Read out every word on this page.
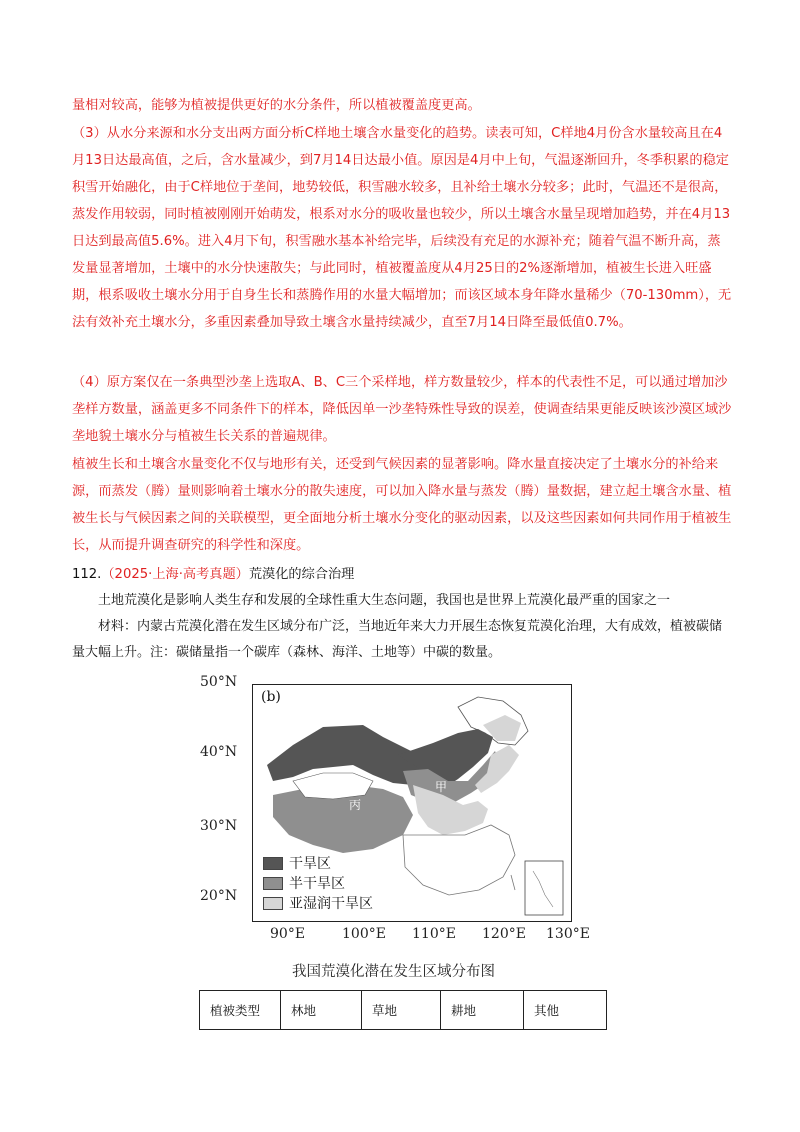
量相对较高，能够为植被提供更好的水分条件，所以植被覆盖度更高。
（3）从水分来源和水分支出两方面分析C样地土壤含水量变化的趋势。读表可知，C样地4月份含水量较高且在4月13日达最高值，之后，含水量减少，到7月14日达最小值。原因是4月中上旬，气温逐渐回升，冬季积累的稳定积雪开始融化，由于C样地位于垄间，地势较低，积雪融水较多，且补给土壤水分较多；此时，气温还不是很高，蒸发作用较弱，同时植被刚刚开始萌发，根系对水分的吸收量也较少，所以土壤含水量呈现增加趋势，并在4月13日达到最高值5.6%。进入4月下旬，积雪融水基本补给完毕，后续没有充足的水源补充；随着气温不断升高，蒸发量显著增加，土壤中的水分快速散失；与此同时，植被覆盖度从4月25日的2%逐渐增加，植被生长进入旺盛期，根系吸收土壤水分用于自身生长和蒸腾作用的水量大幅增加；而该区域本身年降水量稀少（70-130mm），无法有效补充土壤水分，多重因素叠加导致土壤含水量持续减少，直至7月14日降至最低值0.7%。
（4）原方案仅在一条典型沙垄上选取A、B、C三个采样地，样方数量较少，样本的代表性不足，可以通过增加沙垄样方数量，涵盖更多不同条件下的样本，降低因单一沙垄特殊性导致的误差，使调查结果更能反映该沙漠区域沙垄地貌土壤水分与植被生长关系的普遍规律。
植被生长和土壤含水量变化不仅与地形有关，还受到气候因素的显著影响。降水量直接决定了土壤水分的补给来源，而蒸发（腾）量则影响着土壤水分的散失速度，可以加入降水量与蒸发（腾）量数据，建立起土壤含水量、植被生长与气候因素之间的关联模型，更全面地分析土壤水分变化的驱动因素，以及这些因素如何共同作用于植被生长，从而提升调查研究的科学性和深度。
112.（2025·上海·高考真题）荒漠化的综合治理
土地荒漠化是影响人类生存和发展的全球性重大生态问题，我国也是世界上荒漠化最严重的国家之一
材料：内蒙古荒漠化潜在发生区域分布广泛，当地近年来大力开展生态恢复荒漠化治理，大有成效，植被碳储量大幅上升。注：碳储量指一个碳库（森林、海洋、土地等）中碳的数量。
50°N
40°N
30°N
20°N
丙
甲
(b)
干旱区
半干旱区
亚湿润干旱区
90°E	100°E 110°E 120°E 130°E
我国荒漠化潜在发生区域分布图
植被类型	林地	草地	耕地	其他
